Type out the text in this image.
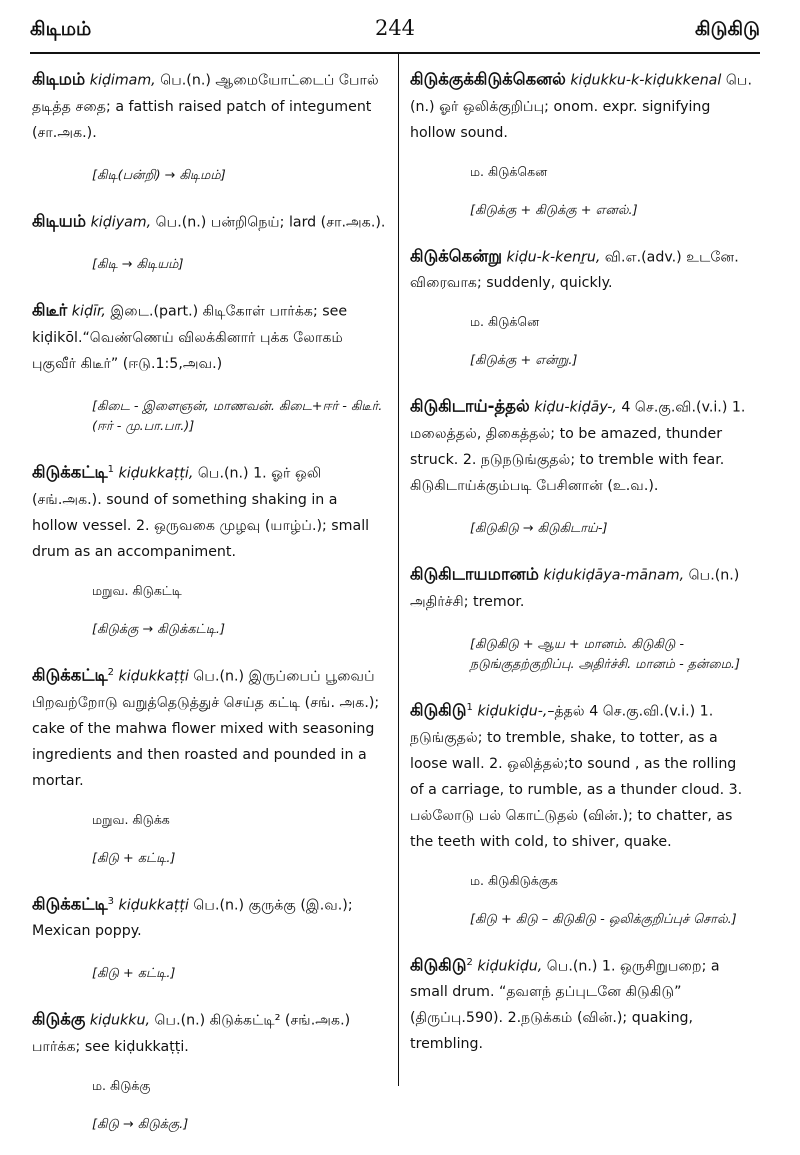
கிடிமம்	244	கிடுகிடு
கிடிமம் kiḍimam, பெ.(n.) ஆமையோட்டைப் போல் தடித்த சதை; a fattish raised patch of integument (சா.அக.).
[கிடி(பன்றி) → கிடிமம்]
கிடியம் kiḍiyam, பெ.(n.) பன்றிநெய்; lard (சா.அக.).
[கிடி → கிடியம்]
கிடீர் kiḍīr, இடை.(part.) கிடிகோள் பார்க்க; see kiḍikōl.“வெண்ணெய் விலக்கினார் புக்க லோகம் புகுவீர் கிடீர்” (ஈடு.1:5,அவ.)
[கிடை - இளைஞன், மாணவன். கிடை+ஈர் - கிடீர். (ஈர் - மு.பா.பா.)]
கிடுக்கட்டி$^1$ kiḍukkaṭṭi, பெ.(n.) 1. ஓர் ஒலி (சங்.அக.). sound of something shaking in a hollow vessel. 2. ஒருவகை முழவு (யாழ்ப்.); small drum as an accompaniment.
மறுவ. கிடுகட்டி
[கிடுக்கு → கிடுக்கட்டி.]
கிடுக்கட்டி$^2$ kiḍukkaṭṭi பெ.(n.) இருப்பைப் பூவைப் பிறவற்றோடு வறுத்தெடுத்துச் செய்த கட்டி (சங். அக.); cake of the mahwa flower mixed with seasoning ingredients and then roasted and pounded in a mortar.
மறுவ. கிடுக்க
[கிடு + கட்டி.]
கிடுக்கட்டி$^3$ kiḍukkaṭṭi பெ.(n.) குருக்கு (இ.வ.); Mexican poppy.
[கிடு + கட்டி.]
கிடுக்கு kiḍukku, பெ.(n.) கிடுக்கட்டி² (சங்.அக.) பார்க்க; see kiḍukkaṭṭi.
ம. கிடுக்கு
[கிடு → கிடுக்கு.]
கிடுக்குக்கிடுக்கெனல் kiḍukku-k-kiḍukkenal பெ.(n.) ஓர் ஒலிக்குறிப்பு; onom. expr. signifying hollow sound.
ம. கிடுக்கென
[கிடுக்கு + கிடுக்கு + எனல்.]
கிடுக்கென்று kiḍu-k-kenṟu, வி.எ.(adv.) உடனே. விரைவாக; suddenly, quickly.
ம. கிடுக்னெ
[கிடுக்கு + என்று.]
கிடுகிடாய்-த்தல் kiḍu-kiḍāy-, 4 செ.கு.வி.(v.i.) 1. மலைத்தல், திகைத்தல்; to be amazed, thunder struck. 2. நடுநடுங்குதல்; to tremble with fear. கிடுகிடாய்க்கும்படி பேசினான் (உ.வ.).
[கிடுகிடு → கிடுகிடாய்-]
கிடுகிடாயமானம் kiḍukiḍāya-mānam, பெ.(n.) அதிர்ச்சி; tremor.
[கிடுகிடு + ஆய + மானம். கிடுகிடு - நடுங்குதற்குறிப்பு. அதிர்ச்சி. மானம் - தன்மை.]
கிடுகிடு$^1$ kiḍukiḍu-,–த்தல் 4 செ.கு.வி.(v.i.) 1. நடுங்குதல்; to tremble, shake, to totter, as a loose wall. 2. ஒலித்தல்;to sound , as the rolling of a carriage, to rumble, as a thunder cloud. 3. பல்லோடு பல் கொட்டுதல் (வின்.); to chatter, as the teeth with cold, to shiver, quake.
ம. கிடுகிடுக்குக
[கிடு + கிடு – கிடுகிடு - ஒலிக்குறிப்புச் சொல்.]
கிடுகிடு$^2$ kiḍukiḍu, பெ.(n.) 1. ஒருசிறுபறை; a small drum. “தவளந் தப்புடனே கிடுகிடு” (திருப்பு.590). 2.நடுக்கம் (வின்.); quaking, trembling.
